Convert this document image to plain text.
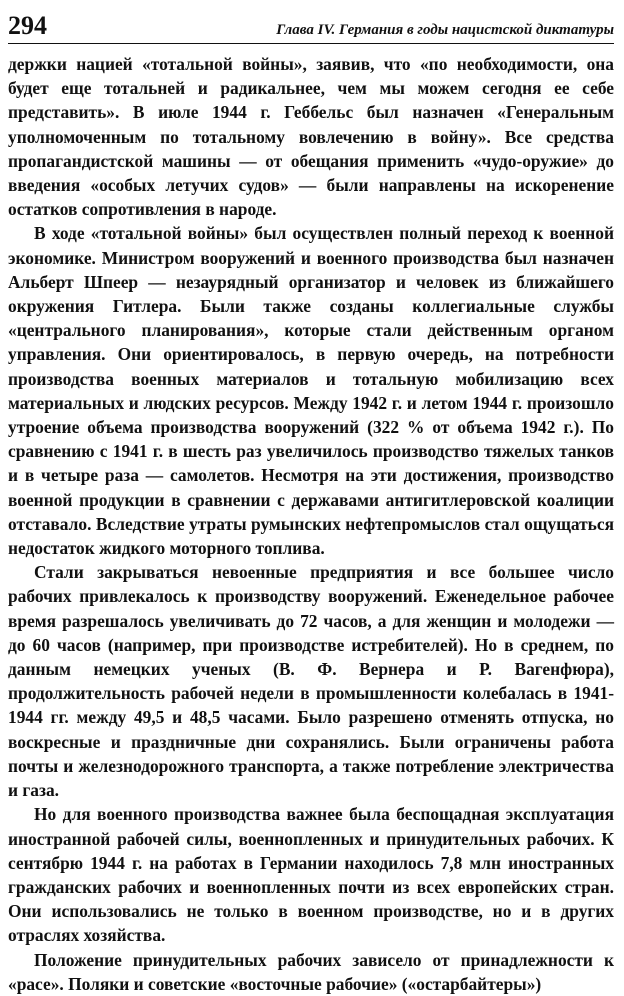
294	Глава IV. Германия в годы нацистской диктатуры

держки нацией «тотальной войны», заявив, что «по необходимости, она будет еще тотальней и радикальнее, чем мы можем сегодня ее себе представить». В июле 1944 г. Геббельс был назначен «Генеральным уполномоченным по тотальному вовлечению в войну». Все средства пропагандистской машины — от обещания применить «чудо-оружие» до введения «особых летучих судов» — были направлены на искоренение остатков сопротивления в народе.

В ходе «тотальной войны» был осуществлен полный переход к военной экономике. Министром вооружений и военного производства был назначен Альберт Шпеер — незаурядный организатор и человек из ближайшего окружения Гитлера. Были также созданы коллегиальные службы «центрального планирования», которые стали действенным органом управления. Они ориентировалось, в первую очередь, на потребности производства военных материалов и тотальную мобилизацию всех материальных и людских ресурсов. Между 1942 г. и летом 1944 г. произошло утроение объема производства вооружений (322 % от объема 1942 г.). По сравнению с 1941 г. в шесть раз увеличилось производство тяжелых танков и в четыре раза — самолетов. Несмотря на эти достижения, производство военной продукции в сравнении с державами антигитлеровской коалиции отставало. Вследствие утраты румынских нефтепромыслов стал ощущаться недостаток жидкого моторного топлива.

Стали закрываться невоенные предприятия и все большее число рабочих привлекалось к производству вооружений. Еженедельное рабочее время разрешалось увеличивать до 72 часов, а для женщин и молодежи — до 60 часов (например, при производстве истребителей). Но в среднем, по данным немецких ученых (В. Ф. Вернера и Р. Вагенфюра), продолжительность рабочей недели в промышленности колебалась в 1941-1944 гг. между 49,5 и 48,5 часами. Было разрешено отменять отпуска, но воскресные и праздничные дни сохранялись. Были ограничены работа почты и железнодорожного транспорта, а также потребление электричества и газа.

Но для военного производства важнее была беспощадная эксплуатация иностранной рабочей силы, военнопленных и принудительных рабочих. К сентябрю 1944 г. на работах в Германии находилось 7,8 млн иностранных гражданских рабочих и военнопленных почти из всех европейских стран. Они использовались не только в военном производстве, но и в других отраслях хозяйства.

Положение принудительных рабочих зависело от принадлежности к «расе». Поляки и советские «восточные рабочие» («остарбайтеры»)
